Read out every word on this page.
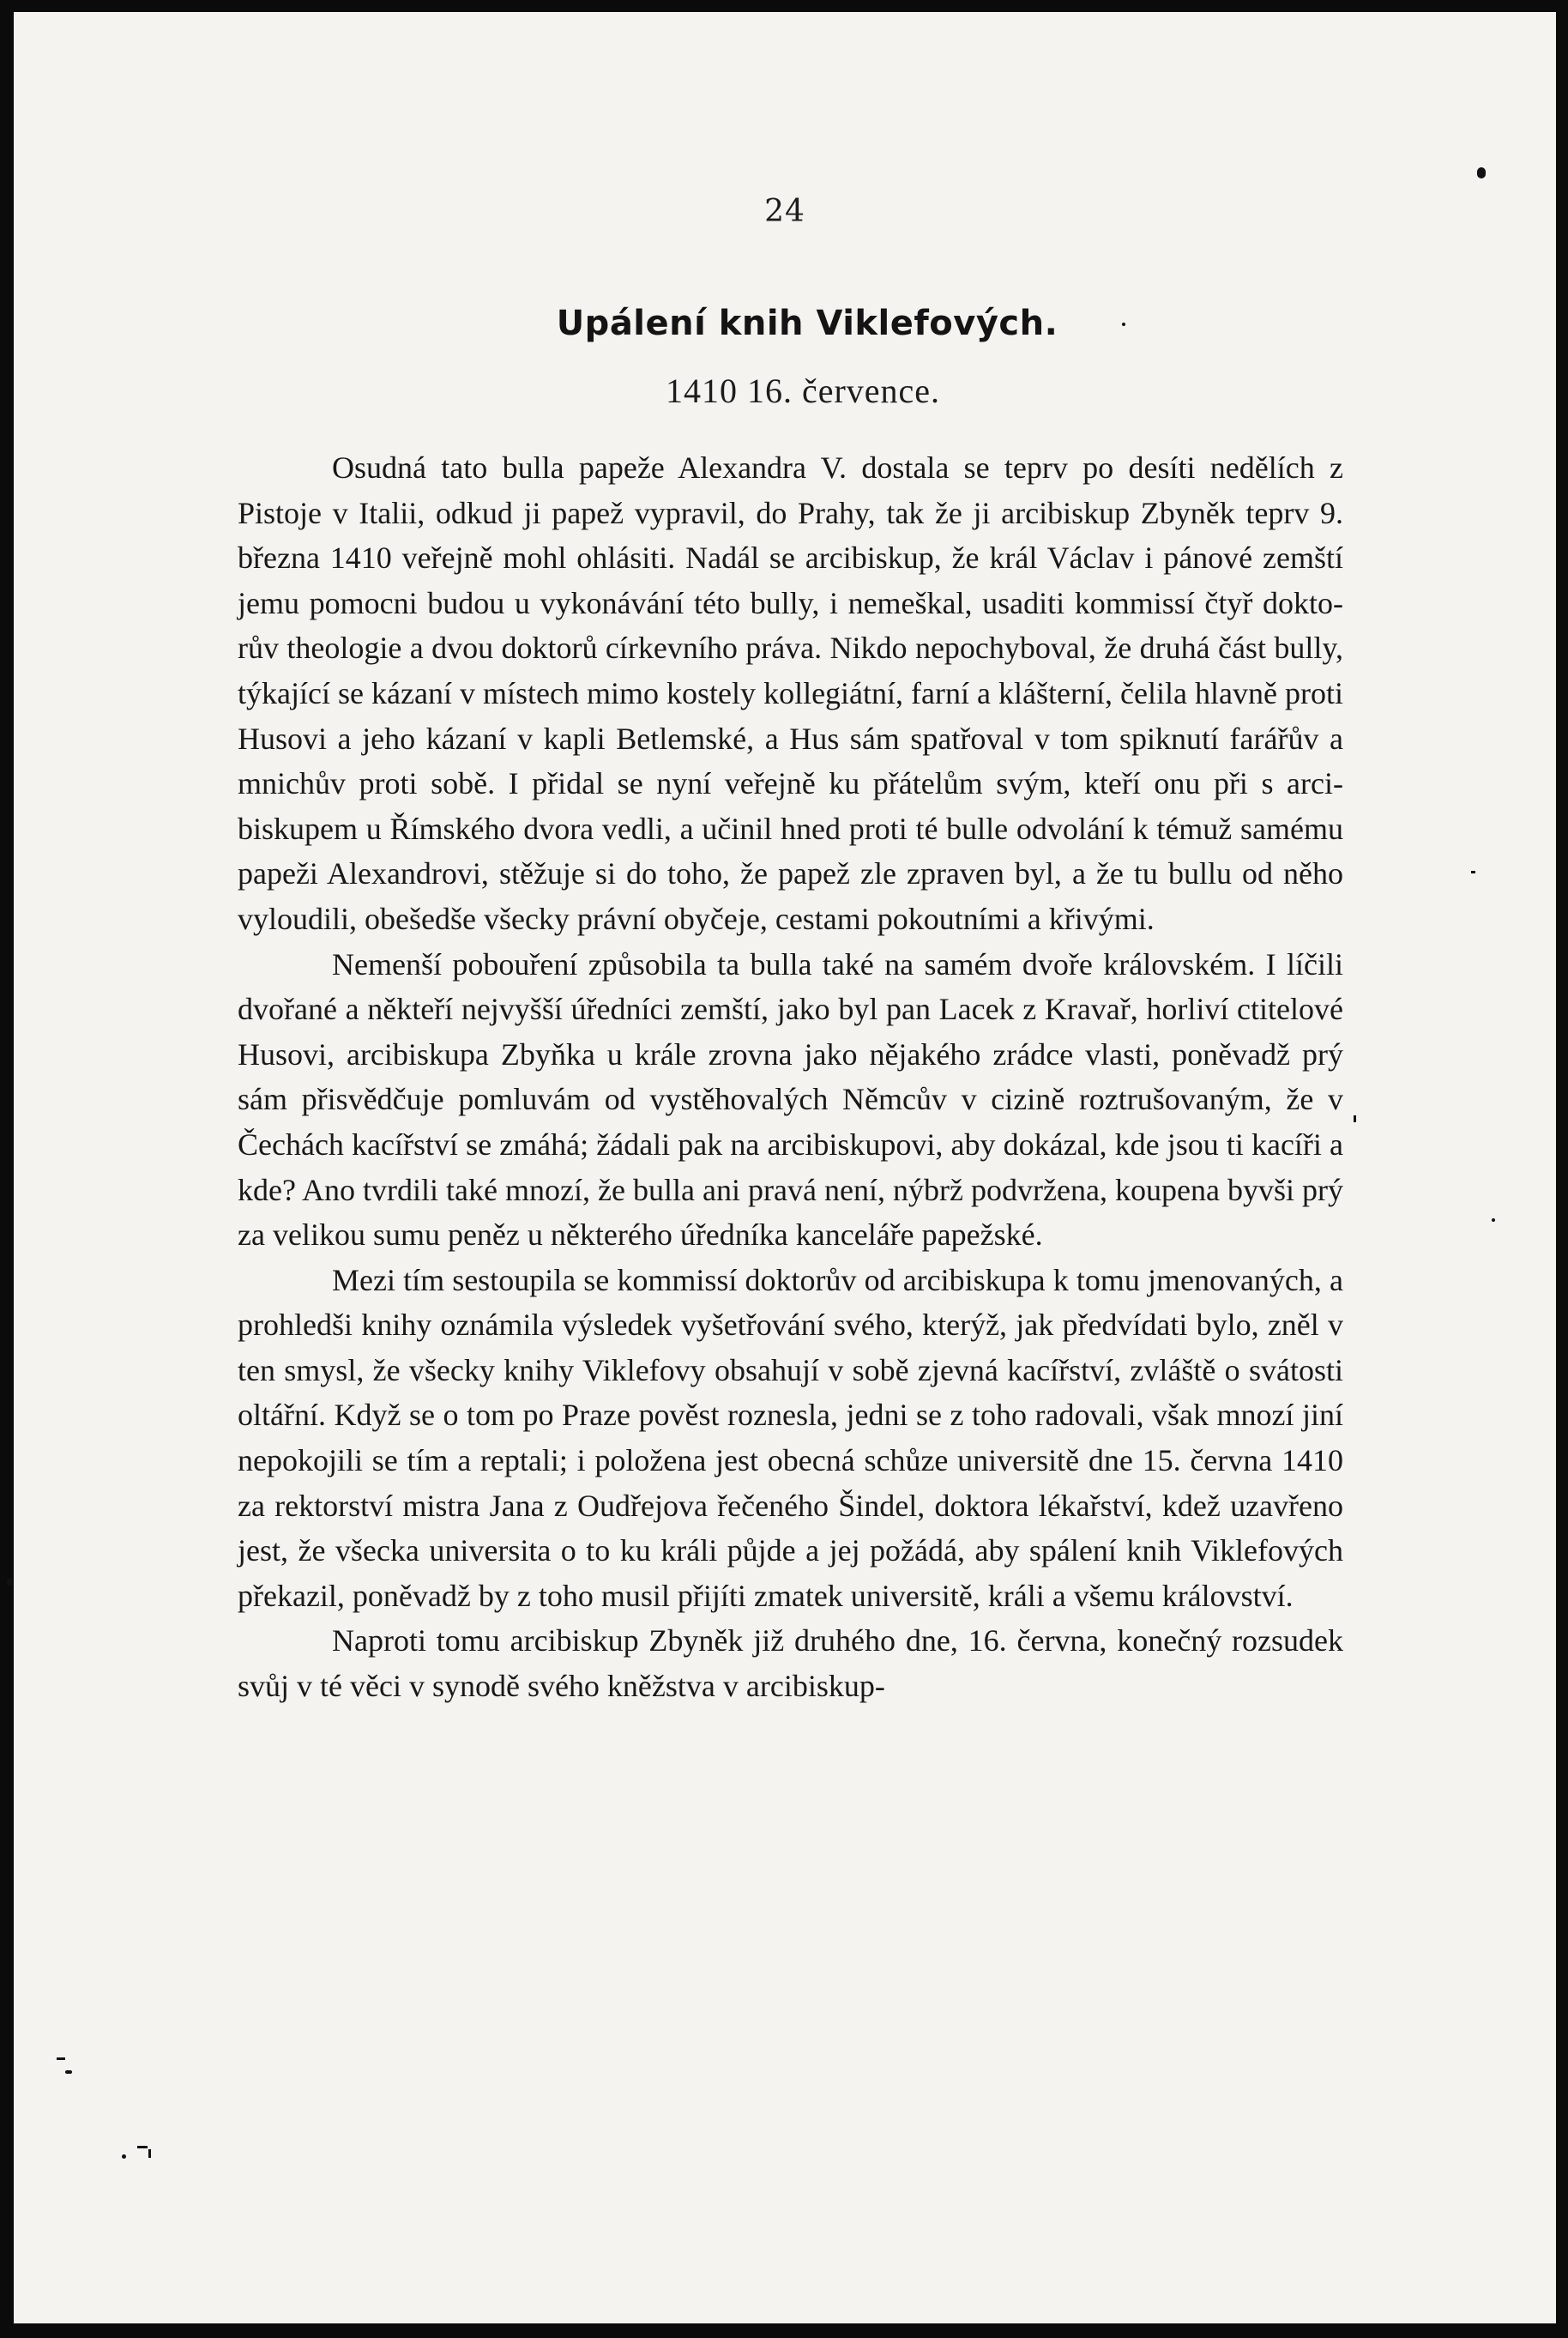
24
Upálení knih Viklefových.
1410 16. července.

Osudná tato bulla papeže Alexandra V. dostala se teprv po desíti nedělích z Pistoje v Italii, odkud ji papež vypravil, do Prahy, tak že ji arcibiskup Zbyněk teprv 9. března 1410 veřejně mohl ohlásiti. Nadál se arcibiskup, že král Václav i pánové zemští jemu pomocni budou u vykonávání této bully, i nemeškal, usaditi kommissí čtyř doktorův theologie a dvou doktorů církevního práva. Nikdo nepochyboval, že druhá část bully, týkající se kázaní v místech mimo kostely kollegiátní, farní a klášterní, čelila hlavně proti Husovi a jeho kázaní v kapli Betlemské, a Hus sám spatřoval v tom spiknutí farářův a mnichův proti sobě. I přidal se nyní veřejně ku přátelům svým, kteří onu při s arcibiskupem u Římského dvora vedli, a učinil hned proti té bulle odvolání k témuž samému papeži Alexandrovi, stěžuje si do toho, že papež zle zpraven byl, a že tu bullu od něho vyloudili, obešedše všecky právní obyčeje, cestami pokoutními a křivými.

Nemenší pobouření způsobila ta bulla také na samém dvoře královském. I líčili dvořané a někteří nejvyšší úředníci zemští, jako byl pan Lacek z Kravař, horliví ctitelové Husovi, arcibiskupa Zbyňka u krále zrovna jako nějakého zrádce vlasti, poněvadž prý sám přisvědčuje pomluvám od vystěhovalých Němcův v cizině roztrušovaným, že v Čechách kacířství se zmáhá; žádali pak na arcibiskupovi, aby dokázal, kde jsou ti kacíři a kde? Ano tvrdili také mnozí, že bulla ani pravá není, nýbrž podvržena, koupena byvši prý za velikou sumu peněz u některého úředníka kanceláře papežské.

Mezi tím sestoupila se kommissí doktorův od arcibiskupa k tomu jmenovaných, a prohledši knihy oznámila výsledek vyšetřování svého, kterýž, jak předvídati bylo, zněl v ten smysl, že všecky knihy Viklefovy obsahují v sobě zjevná kacířství, zvláště o svátosti oltářní. Když se o tom po Praze pověst roznesla, jedni se z toho radovali, však mnozí jiní nepokojili se tím a reptali; i položena jest obecná schůze universitě dne 15. června 1410 za rektorství mistra Jana z Oudřejova řečeného Šindel, doktora lékařství, kdež uzavřeno jest, že všecka universita o to ku králi půjde a jej požádá, aby spálení knih Viklefových překazil, poněvadž by z toho musil přijíti zmatek universitě, králi a všemu království.

Naproti tomu arcibiskup Zbyněk již druhého dne, 16. června, konečný rozsudek svůj v té věci v synodě svého kněžstva v arcibiskup-
